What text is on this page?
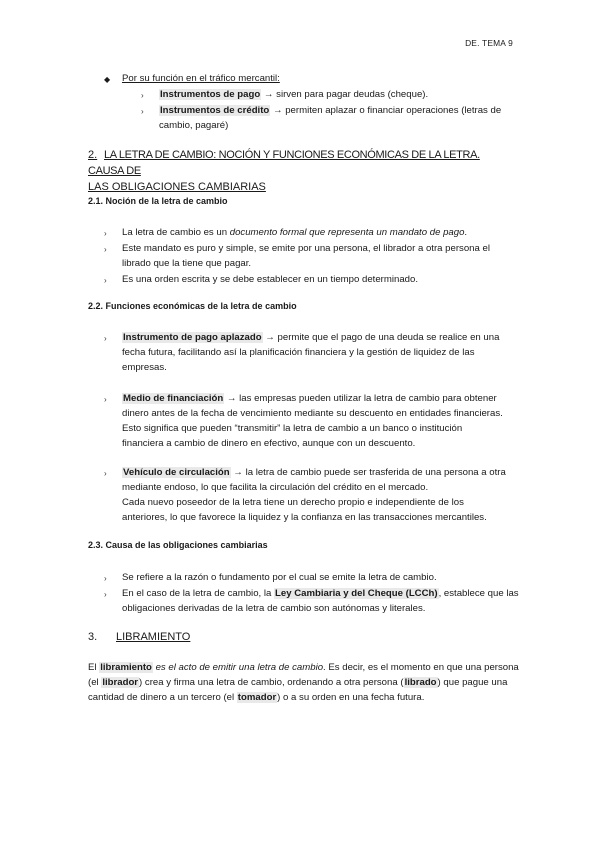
DE. TEMA 9
◆ Por su función en el tráfico mercantil:
› Instrumentos de pago → sirven para pagar deudas (cheque).
› Instrumentos de crédito → permiten aplazar o financiar operaciones (letras de
cambio, pagaré)
2. LA LETRA DE CAMBIO: NOCIÓN Y FUNCIONES ECONÓMICAS DE LA LETRA. CAUSA DE
LAS OBLIGACIONES CAMBIARIAS
2.1. Noción de la letra de cambio
› La letra de cambio es un documento formal que representa un mandato de pago.
› Este mandato es puro y simple, se emite por una persona, el librador a otra persona el
librado que la tiene que pagar.
› Es una orden escrita y se debe establecer en un tiempo determinado.
2.2. Funciones económicas de la letra de cambio
› Instrumento de pago aplazado → permite que el pago de una deuda se realice en una
fecha futura, facilitando así la planificación financiera y la gestión de liquidez de las
empresas.
› Medio de financiación → las empresas pueden utilizar la letra de cambio para obtener
dinero antes de la fecha de vencimiento mediante su descuento en entidades financieras.
Esto significa que pueden “transmitir” la letra de cambio a un banco o institución
financiera a cambio de dinero en efectivo, aunque con un descuento.
› Vehículo de circulación → la letra de cambio puede ser trasferida de una persona a otra
mediante endoso, lo que facilita la circulación del crédito en el mercado.
Cada nuevo poseedor de la letra tiene un derecho propio e independiente de los
anteriores, lo que favorece la liquidez y la confianza en las transacciones mercantiles.
2.3. Causa de las obligaciones cambiarias
› Se refiere a la razón o fundamento por el cual se emite la letra de cambio.
› En el caso de la letra de cambio, la Ley Cambiaria y del Cheque (LCCh), establece que las
obligaciones derivadas de la letra de cambio son autónomas y literales.
3. LIBRAMIENTO
El libramiento es el acto de emitir una letra de cambio. Es decir, es el momento en que una persona
(el librador) crea y firma una letra de cambio, ordenando a otra persona (librado) que pague una
cantidad de dinero a un tercero (el tomador) o a su orden en una fecha futura.
